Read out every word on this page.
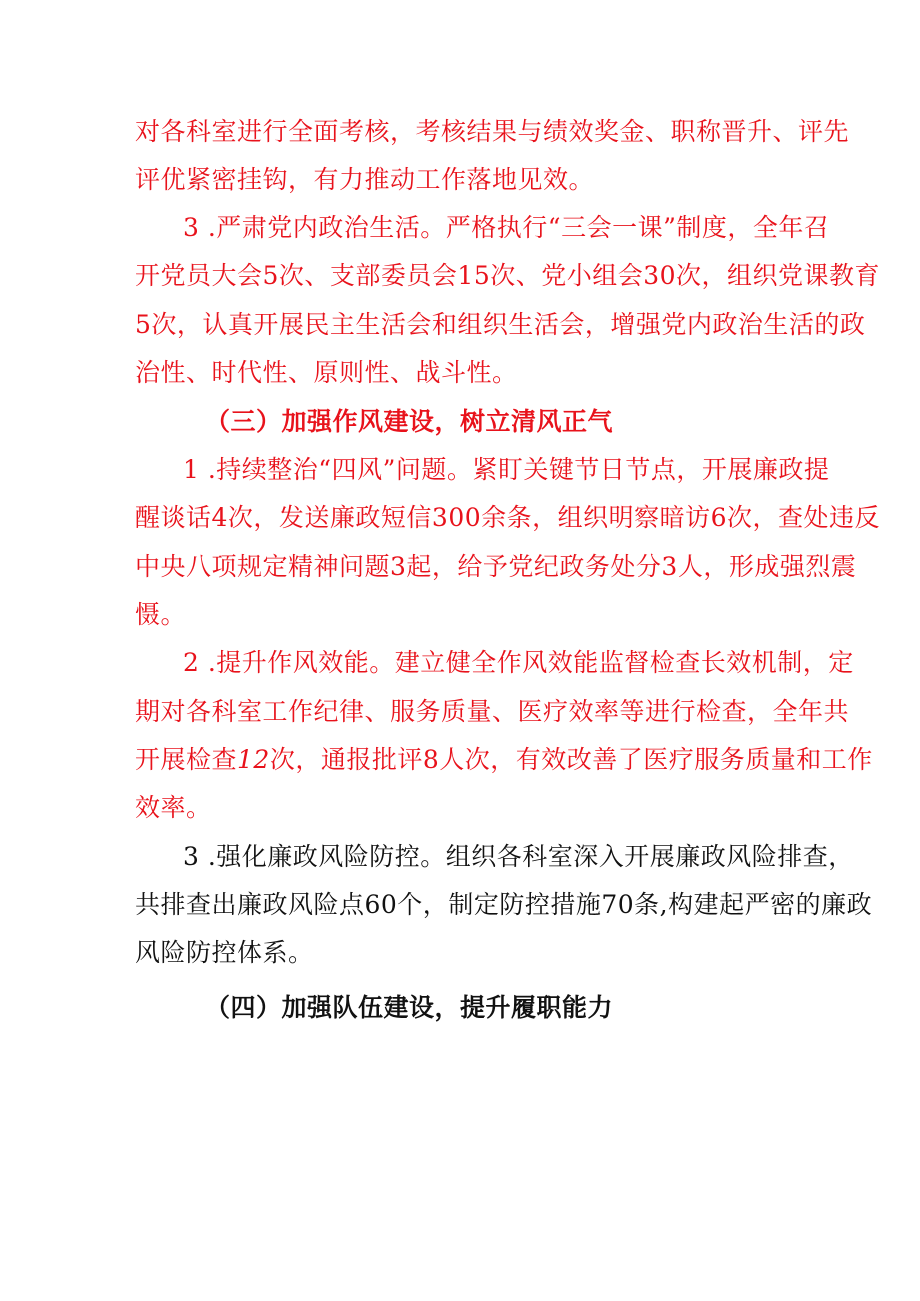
对各科室进行全面考核，考核结果与绩效奖金、职称晋升、评先
评优紧密挂钩，有力推动工作落地见效。
3 .严肃党内政治生活。严格执行“三会一课”制度，全年召
开党员大会5次、支部委员会15次、党小组会30次，组织党课教育
5次，认真开展民主生活会和组织生活会，增强党内政治生活的政
治性、时代性、原则性、战斗性。
（三）加强作风建设，树立清风正气
1 .持续整治“四风”问题。紧盯关键节日节点，开展廉政提
醒谈话4次，发送廉政短信300余条，组织明察暗访6次，查处违反
中央八项规定精神问题3起，给予党纪政务处分3人，形成强烈震
慑。
2 .提升作风效能。建立健全作风效能监督检查长效机制，定
期对各科室工作纪律、服务质量、医疗效率等进行检查，全年共
开展检查12次，通报批评8人次，有效改善了医疗服务质量和工作
效率。
3 .强化廉政风险防控。组织各科室深入开展廉政风险排查，
共排查出廉政风险点60个，制定防控措施70条,构建起严密的廉政
风险防控体系。
（四）加强队伍建设，提升履职能力
